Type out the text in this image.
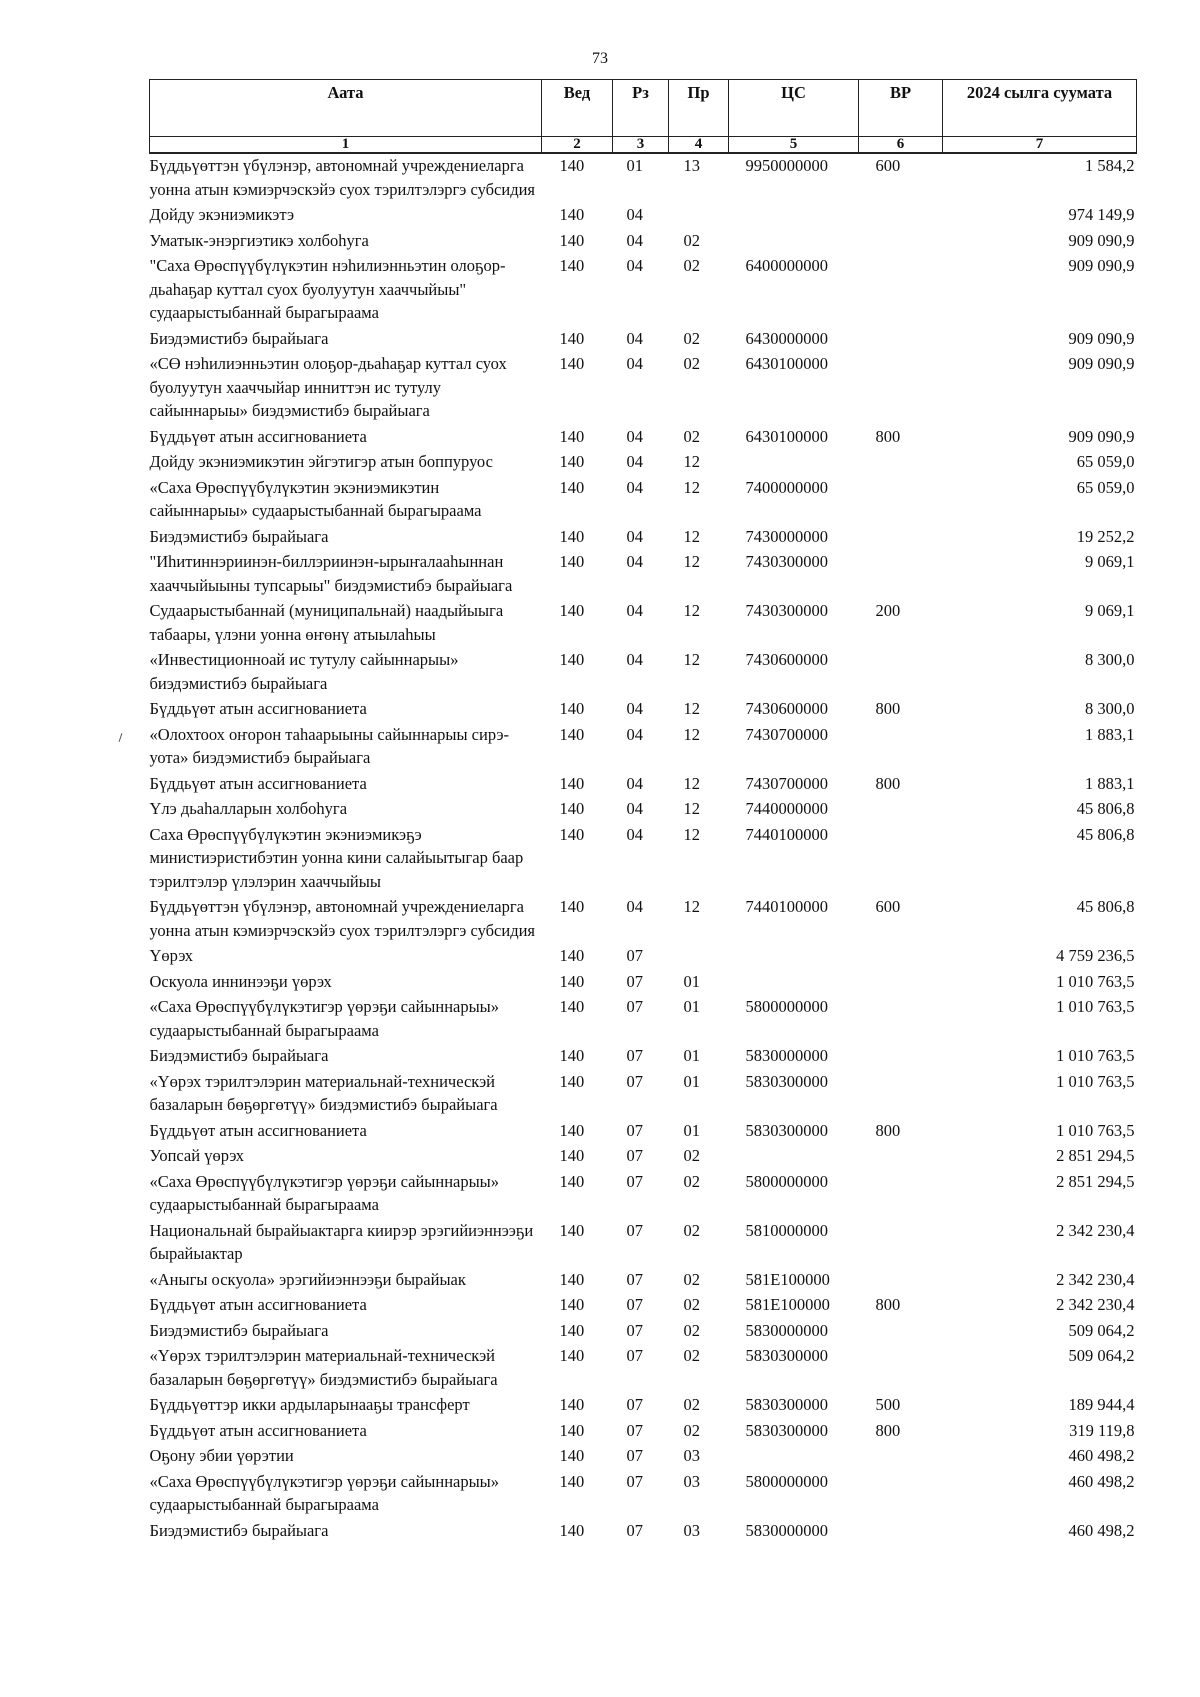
73
Аата	Вед	Рз	Пр	ЦС	ВР	2024 сылга суумата
1	2	3	4	5	6	7
Бүддьүөттэн үбүлэнэр, автономнай учреждениеларга уонна атын кэмиэрчэскэйэ суох тэрилтэлэргэ субсидия	140	01	13	9950000000	600	1 584,2
Дойду экэниэмикэтэ	140	04				974 149,9
Уматык-энэргиэтикэ холбоһуга	140	04	02			909 090,9
"Саха Өрөспүүбүлүкэтин нэһилиэнньэтин олоҕор-дьаһаҕар куттал суох буолуутун хааччыйыы" судаарыстыбаннай бырагыраама	140	04	02	6400000000		909 090,9
Биэдэмистибэ бырайыага	140	04	02	6430000000		909 090,9
«СӨ нэһилиэнньэтин олоҕор-дьаһаҕар куттал суох буолуутун хааччыйар инниттэн ис тутулу сайыннарыы» биэдэмистибэ бырайыага	140	04	02	6430100000		909 090,9
Бүддьүөт атын ассигнованиета	140	04	02	6430100000	800	909 090,9
Дойду экэниэмикэтин эйгэтигэр атын боппуруос	140	04	12			65 059,0
«Саха Өрөспүүбүлүкэтин экэниэмикэтин сайыннарыы» судаарыстыбаннай бырагыраама	140	04	12	7400000000		65 059,0
Биэдэмистибэ бырайыага	140	04	12	7430000000		19 252,2
"Иһитиннэриинэн-биллэриинэн-ырыҥалааһыннан хааччыйыыны тупсарыы" биэдэмистибэ бырайыага	140	04	12	7430300000		9 069,1
Судаарыстыбаннай (муниципальнай) наадыйыыга табаары, үлэни уонна өҥөнү атыылаһыы	140	04	12	7430300000	200	9 069,1
«Инвестиционноай ис тутулу сайыннарыы» биэдэмистибэ бырайыага	140	04	12	7430600000		8 300,0
Бүддьүөт атын ассигнованиета	140	04	12	7430600000	800	8 300,0
«Олохтоох оҥорон таһаарыыны сайыннарыы сирэ-уота» биэдэмистибэ бырайыага	140	04	12	7430700000		1 883,1
Бүддьүөт атын ассигнованиета	140	04	12	7430700000	800	1 883,1
Үлэ дьаһалларын холбоһуга	140	04	12	7440000000		45 806,8
Саха Өрөспүүбүлүкэтин экэниэмикэҕэ министиэристибэтин уонна кини салайыытыгар баар тэрилтэлэр үлэлэрин хааччыйыы	140	04	12	7440100000		45 806,8
Бүддьүөттэн үбүлэнэр, автономнай учреждениеларга уонна атын кэмиэрчэскэйэ суох тэрилтэлэргэ субсидия	140	04	12	7440100000	600	45 806,8
Үөрэх	140	07				4 759 236,5
Оскуола иннинээҕи үөрэх	140	07	01			1 010 763,5
«Саха Өрөспүүбүлүкэтигэр үөрэҕи сайыннарыы» судаарыстыбаннай бырагыраама	140	07	01	5800000000		1 010 763,5
Биэдэмистибэ бырайыага	140	07	01	5830000000		1 010 763,5
«Үөрэх тэрилтэлэрин материальнай-техническэй базаларын бөҕөргөтүү» биэдэмистибэ бырайыага	140	07	01	5830300000		1 010 763,5
Бүддьүөт атын ассигнованиета	140	07	01	5830300000	800	1 010 763,5
Уопсай үөрэх	140	07	02			2 851 294,5
«Саха Өрөспүүбүлүкэтигэр үөрэҕи сайыннарыы» судаарыстыбаннай бырагыраама	140	07	02	5800000000		2 851 294,5
Национальнай бырайыактарга киирэр эрэгийиэннээҕи бырайыактар	140	07	02	5810000000		2 342 230,4
«Аныгы оскуола» эрэгийиэннээҕи бырайыак	140	07	02	581E100000		2 342 230,4
Бүддьүөт атын ассигнованиета	140	07	02	581E100000	800	2 342 230,4
Биэдэмистибэ бырайыага	140	07	02	5830000000		509 064,2
«Үөрэх тэрилтэлэрин материальнай-техническэй базаларын бөҕөргөтүү» биэдэмистибэ бырайыага	140	07	02	5830300000		509 064,2
Бүддьүөттэр икки ардыларынааҕы трансферт	140	07	02	5830300000	500	189 944,4
Бүддьүөт атын ассигнованиета	140	07	02	5830300000	800	319 119,8
Оҕону эбии үөрэтии	140	07	03			460 498,2
«Саха Өрөспүүбүлүкэтигэр үөрэҕи сайыннарыы» судаарыстыбаннай бырагыраама	140	07	03	5800000000		460 498,2
Биэдэмистибэ бырайыага	140	07	03	5830000000		460 498,2
